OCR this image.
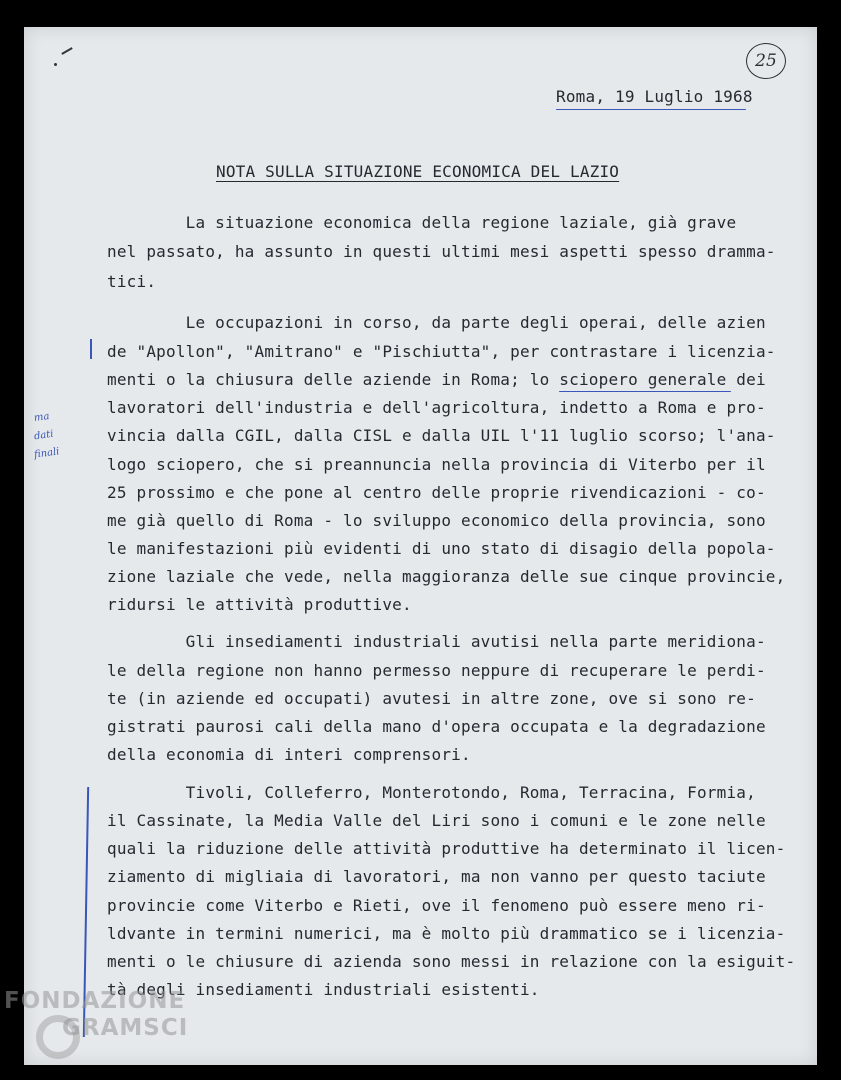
25
Roma, 19 Luglio 1968
NOTA SULLA SITUAZIONE ECONOMICA DEL LAZIO
La situazione economica della regione laziale, già grave
nel passato, ha assunto in questi ultimi mesi aspetti spesso dramma-
tici.
Le occupazioni in corso, da parte degli operai, delle azien
de "Apollon", "Amitrano" e "Pischiutta", per contrastare i licenzia-
menti o la chiusura delle aziende in Roma; lo sciopero generale dei
lavoratori dell'industria e dell'agricoltura, indetto a Roma e pro-
vincia dalla CGIL, dalla CISL e dalla UIL l'11 luglio scorso; l'ana-
logo sciopero, che si preannuncia nella provincia di Viterbo per il
25 prossimo e che pone al centro delle proprie rivendicazioni - co-
me già quello di Roma - lo sviluppo economico della provincia, sono
le manifestazioni più evidenti di uno stato di disagio della popola-
zione laziale che vede, nella maggioranza delle sue cinque provincie,
ridursi le attività produttive.
Gli insediamenti industriali avutisi nella parte meridiona-
le della regione non hanno permesso neppure di recuperare le perdi-
te (in aziende ed occupati) avutesi in altre zone, ove si sono re-
gistrati paurosi cali della mano d'opera occupata e la degradazione
della economia di interi comprensori.
Tivoli, Colleferro, Monterotondo, Roma, Terracina, Formia,
il Cassinate, la Media Valle del Liri sono i comuni e le zone nelle
quali la riduzione delle attività produttive ha determinato il licen-
ziamento di migliaia di lavoratori, ma non vanno per questo taciute
provincie come Viterbo e Rieti, ove il fenomeno può essere meno ri-
ldvante in termini numerici, ma è molto più drammatico se i licenzia-
menti o le chiusure di azienda sono messi in relazione con la esiguit-
tà degli insediamenti industriali esistenti.
ma
dati
finali
FONDAZIONE
GRAMSCI
